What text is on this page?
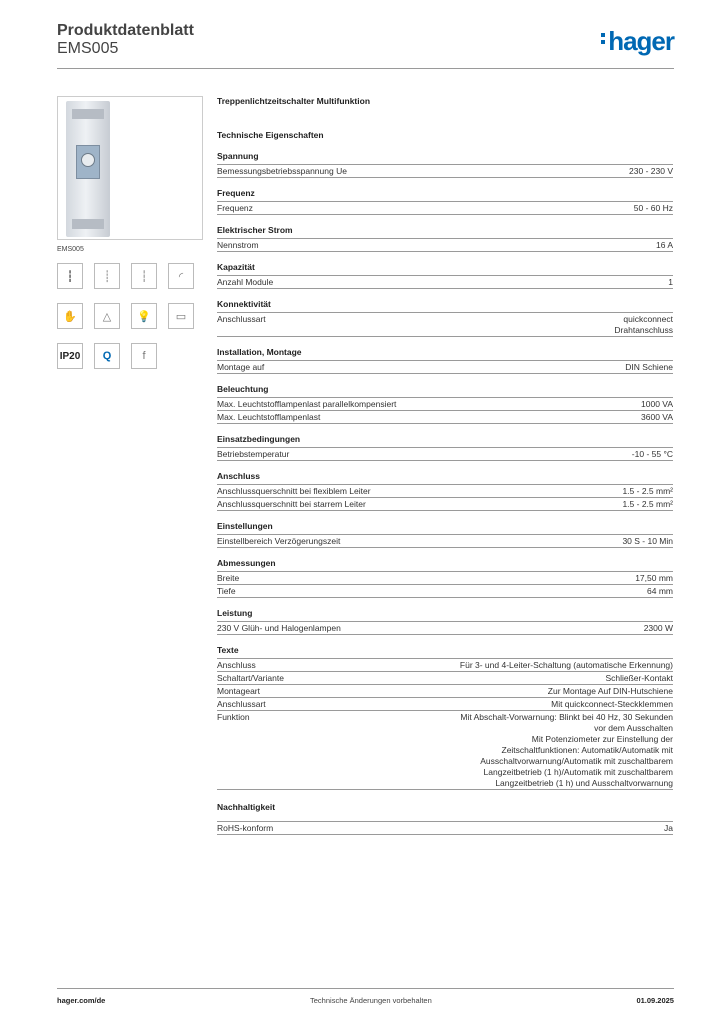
Produktdatenblatt
EMS005	hager
EMS005
┇	┊	┆	◜
✋	△	💡	▭
IP20	Q	f
Treppenlichtzeitschalter Multifunktion
Technische Eigenschaften
Spannung
Bemessungsbetriebsspannung Ue	230 - 230 V
Frequenz
Frequenz	50 - 60 Hz
Elektrischer Strom
Nennstrom	16 A
Kapazität
Anzahl Module	1
Konnektivität
Anschlussart	quickconnect
Drahtanschluss
Installation, Montage
Montage auf	DIN Schiene
Beleuchtung
Max. Leuchtstofflampenlast parallelkompensiert	1000 VA
Max. Leuchtstofflampenlast	3600 VA
Einsatzbedingungen
Betriebstemperatur	-10 - 55 °C
Anschluss
Anschlussquerschnitt bei flexiblem Leiter	1.5 - 2.5 mm²
Anschlussquerschnitt bei starrem Leiter	1.5 - 2.5 mm²
Einstellungen
Einstellbereich Verzögerungszeit	30 S - 10 Min
Abmessungen
Breite	17,50 mm
Tiefe	64 mm
Leistung
230 V Glüh- und Halogenlampen	2300 W
Texte
Anschluss	Für 3- und 4-Leiter-Schaltung (automatische Erkennung)
Schaltart/Variante	Schließer-Kontakt
Montageart	Zur Montage Auf DIN-Hutschiene
Anschlussart	Mit quickconnect-Steckklemmen
Funktion	Mit Abschalt-Vorwarnung: Blinkt bei 40 Hz, 30 Sekunden
vor dem Ausschalten
Mit Potenziometer zur Einstellung der
Zeitschaltfunktionen: Automatik/Automatik mit
Ausschaltvorwarnung/Automatik mit zuschaltbarem
Langzeitbetrieb (1 h)/Automatik mit zuschaltbarem
Langzeitbetrieb (1 h) und Ausschaltvorwarnung
Nachhaltigkeit
RoHS-konform	Ja
hager.com/de	Technische Änderungen vorbehalten	01.09.2025
